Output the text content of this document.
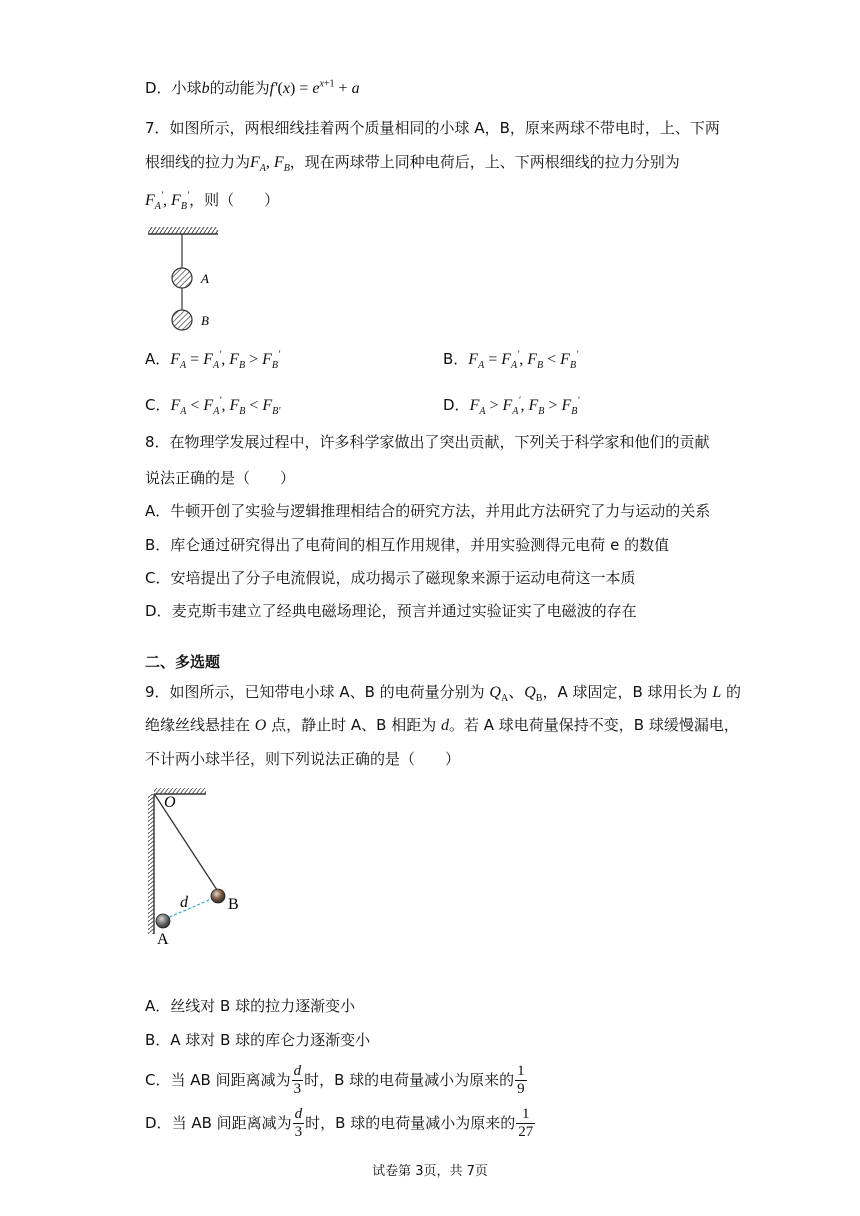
D．小球b的动能为$f'(x) = e^{x+1} + a$
7．如图所示，两根细线挂着两个质量相同的小球 A，B，原来两球不带电时，上、下两
根细线的拉力为$F_A$, $F_B$，现在两球带上同种电荷后，上、下两根细线的拉力分别为
$F_A'$, $F_B'$，则（　　）
A
B
A．$F_A = F_A'$, $F_B > F_B'$	B．$F_A = F_A'$, $F_B < F_B'$
C．$F_A < F_A'$, $F_B < F_{B'}$	D．$F_A > F_A'$, $F_B > F_B'$
8．在物理学发展过程中，许多科学家做出了突出贡献，下列关于科学家和他们的贡献
说法正确的是（　　）
A．牛顿开创了实验与逻辑推理相结合的研究方法，并用此方法研究了力与运动的关系
B．库仑通过研究得出了电荷间的相互作用规律，并用实验测得元电荷 e 的数值
C．安培提出了分子电流假说，成功揭示了磁现象来源于运动电荷这一本质
D．麦克斯韦建立了经典电磁场理论，预言并通过实验证实了电磁波的存在
二、多选题
9．如图所示，已知带电小球 A、B 的电荷量分别为 $Q_A$、$Q_B$，A 球固定，B 球用长为 L 的
绝缘丝线悬挂在 O 点，静止时 A、B 相距为 d。若 A 球电荷量保持不变，B 球缓慢漏电，
不计两小球半径，则下列说法正确的是（　　）
O
B
A
d
A．丝线对 B 球的拉力逐渐变小
B．A 球对 B 球的库仑力逐渐变小
C．当 AB 间距离减为 $\frac{d}{3}$ 时，B 球的电荷量减小为原来的 $\frac{1}{9}$
D．当 AB 间距离减为 $\frac{d}{3}$ 时，B 球的电荷量减小为原来的 $\frac{1}{27}$
试卷第 3页，共 7页
